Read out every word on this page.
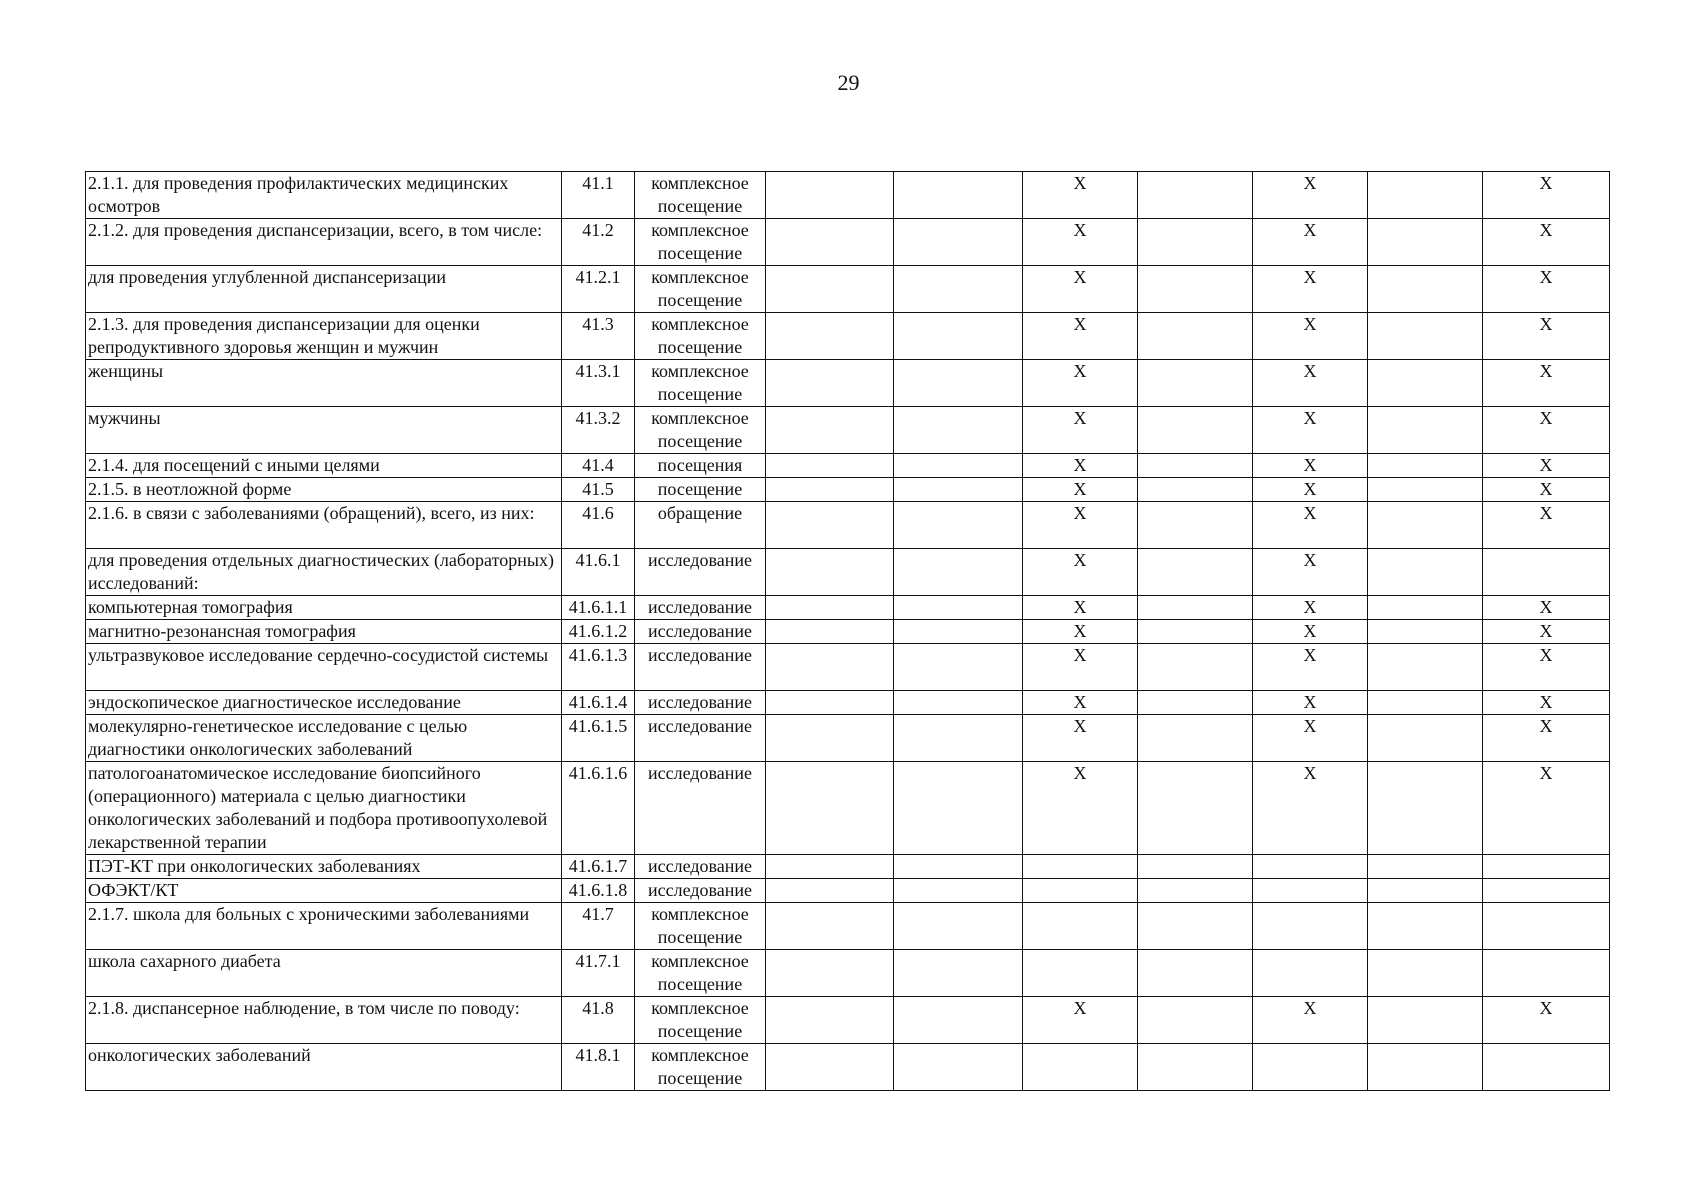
29
2.1.1. для проведения профилактических медицинских осмотров	41.1	комплексное посещение			X		X		X
2.1.2. для проведения диспансеризации, всего, в том числе:	41.2	комплексное посещение			X		X		X
для проведения углубленной диспансеризации	41.2.1	комплексное посещение			X		X		X
2.1.3. для проведения диспансеризации для оценки репродуктивного здоровья женщин и мужчин	41.3	комплексное посещение			X		X		X
женщины	41.3.1	комплексное посещение			X		X		X
мужчины	41.3.2	комплексное посещение			X		X		X
2.1.4. для посещений с иными целями	41.4	посещения			X		X		X
2.1.5. в неотложной форме	41.5	посещение			X		X		X
2.1.6. в связи с заболеваниями (обращений), всего, из них:	41.6	обращение			X		X		X
для проведения отдельных диагностических (лабораторных) исследований:	41.6.1	исследование			X		X		
компьютерная томография	41.6.1.1	исследование			X		X		X
магнитно-резонансная томография	41.6.1.2	исследование			X		X		X
ультразвуковое исследование сердечно-сосудистой системы	41.6.1.3	исследование			X		X		X
эндоскопическое диагностическое исследование	41.6.1.4	исследование			X		X		X
молекулярно-генетическое исследование с целью диагностики онкологических заболеваний	41.6.1.5	исследование			X		X		X
патологоанатомическое исследование биопсийного (операционного) материала с целью диагностики онкологических заболеваний и подбора противоопухолевой лекарственной терапии	41.6.1.6	исследование			X		X		X
ПЭТ-КТ при онкологических заболеваниях	41.6.1.7	исследование							
ОФЭКТ/КТ	41.6.1.8	исследование							
2.1.7. школа для больных с хроническими заболеваниями	41.7	комплексное посещение							
школа сахарного диабета	41.7.1	комплексное посещение							
2.1.8. диспансерное наблюдение, в том числе по поводу:	41.8	комплексное посещение			X		X		X
онкологических заболеваний	41.8.1	комплексное посещение							
